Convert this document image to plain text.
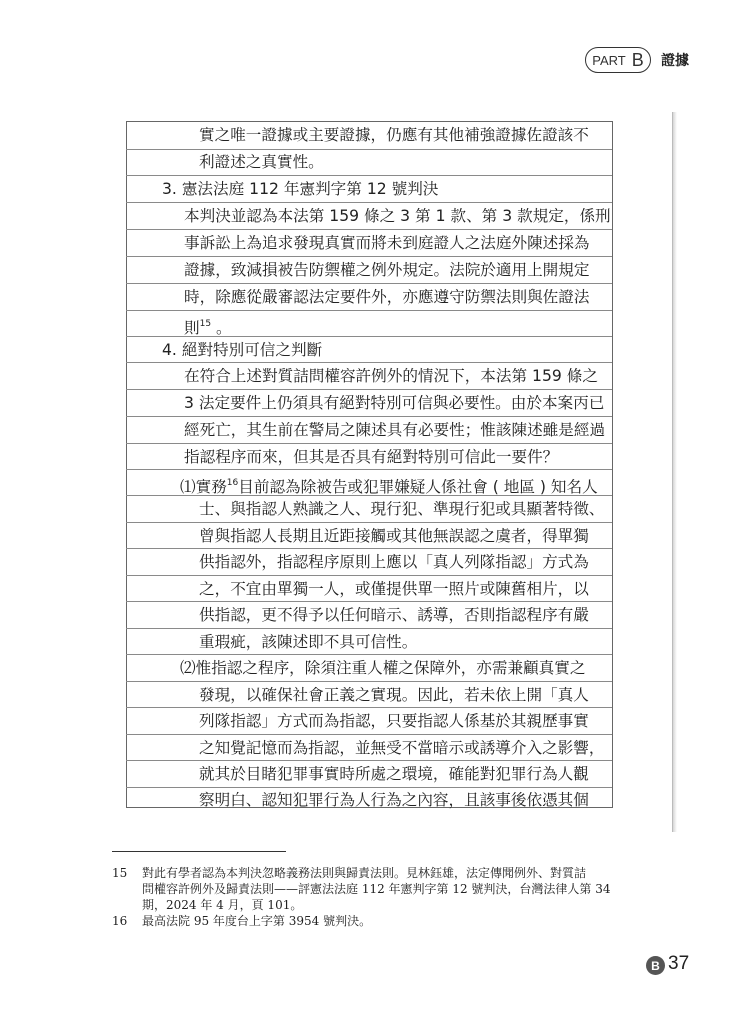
PART B 證據
實之唯一證據或主要證據，仍應有其他補強證據佐證該不
利證述之真實性。
3. 憲法法庭 112 年憲判字第 12 號判決
本判決並認為本法第 159 條之 3 第 1 款、第 3 款規定，係刑
事訴訟上為追求發現真實而將未到庭證人之法庭外陳述採為
證據，致減損被告防禦權之例外規定。法院於適用上開規定
時，除應從嚴審認法定要件外，亦應遵守防禦法則與佐證法
則$^{15}$ 。
4. 絕對特別可信之判斷
在符合上述對質詰問權容許例外的情況下，本法第 159 條之
3 法定要件上仍須具有絕對特別可信與必要性。由於本案丙已
經死亡，其生前在警局之陳述具有必要性；惟該陳述雖是經過
指認程序而來，但其是否具有絕對特別可信此一要件？
⑴實務$^{16}$目前認為除被告或犯罪嫌疑人係社會 ( 地區 ) 知名人
士、與指認人熟識之人、現行犯、準現行犯或具顯著特徵、
曾與指認人長期且近距接觸或其他無誤認之虞者，得單獨
供指認外，指認程序原則上應以「真人列隊指認」方式為
之，不宜由單獨一人，或僅提供單一照片或陳舊相片，以
供指認，更不得予以任何暗示、誘導，否則指認程序有嚴
重瑕疵，該陳述即不具可信性。
⑵惟指認之程序，除須注重人權之保障外，亦需兼顧真實之
發現，以確保社會正義之實現。因此，若未依上開「真人
列隊指認」方式而為指認，只要指認人係基於其親歷事實
之知覺記憶而為指認，並無受不當暗示或誘導介入之影響，
就其於目睹犯罪事實時所處之環境，確能對犯罪行為人觀
察明白、認知犯罪行為人行為之內容，且該事後依憑其個
15 對此有學者認為本判決忽略義務法則與歸責法則。見林鈺雄，法定傳聞例外、對質詰
問權容許例外及歸責法則——評憲法法庭 112 年憲判字第 12 號判決，台灣法律人第 34
期，2024 年 4 月，頁 101。
16 最高法院 95 年度台上字第 3954 號判決。
B 37
